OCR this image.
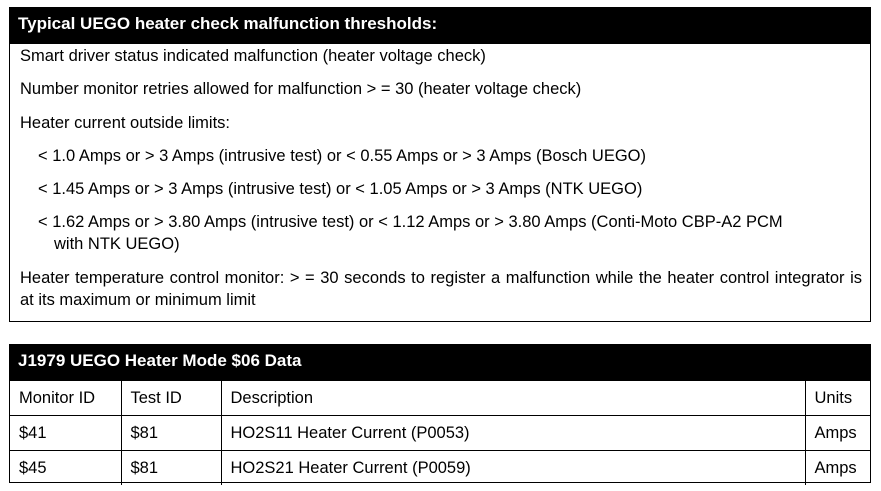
Typical UEGO heater check malfunction thresholds:
Smart driver status indicated malfunction (heater voltage check)
Number monitor retries allowed for malfunction > = 30 (heater voltage check)
Heater current outside limits:
< 1.0 Amps or > 3 Amps (intrusive test) or < 0.55 Amps or > 3 Amps (Bosch UEGO)
< 1.45 Amps or > 3 Amps (intrusive test) or < 1.05 Amps or > 3 Amps (NTK UEGO)
< 1.62 Amps or > 3.80 Amps (intrusive test) or < 1.12 Amps or > 3.80 Amps (Conti-Moto CBP-A2 PCM
with NTK UEGO)
Heater temperature control monitor: > = 30 seconds to register a malfunction while the heater control integrator is at its maximum or minimum limit
J1979 UEGO Heater Mode $06 Data
Monitor ID	Test ID	Description	Units
$41	$81	HO2S11 Heater Current (P0053)	Amps
$45	$81	HO2S21 Heater Current (P0059)	Amps
